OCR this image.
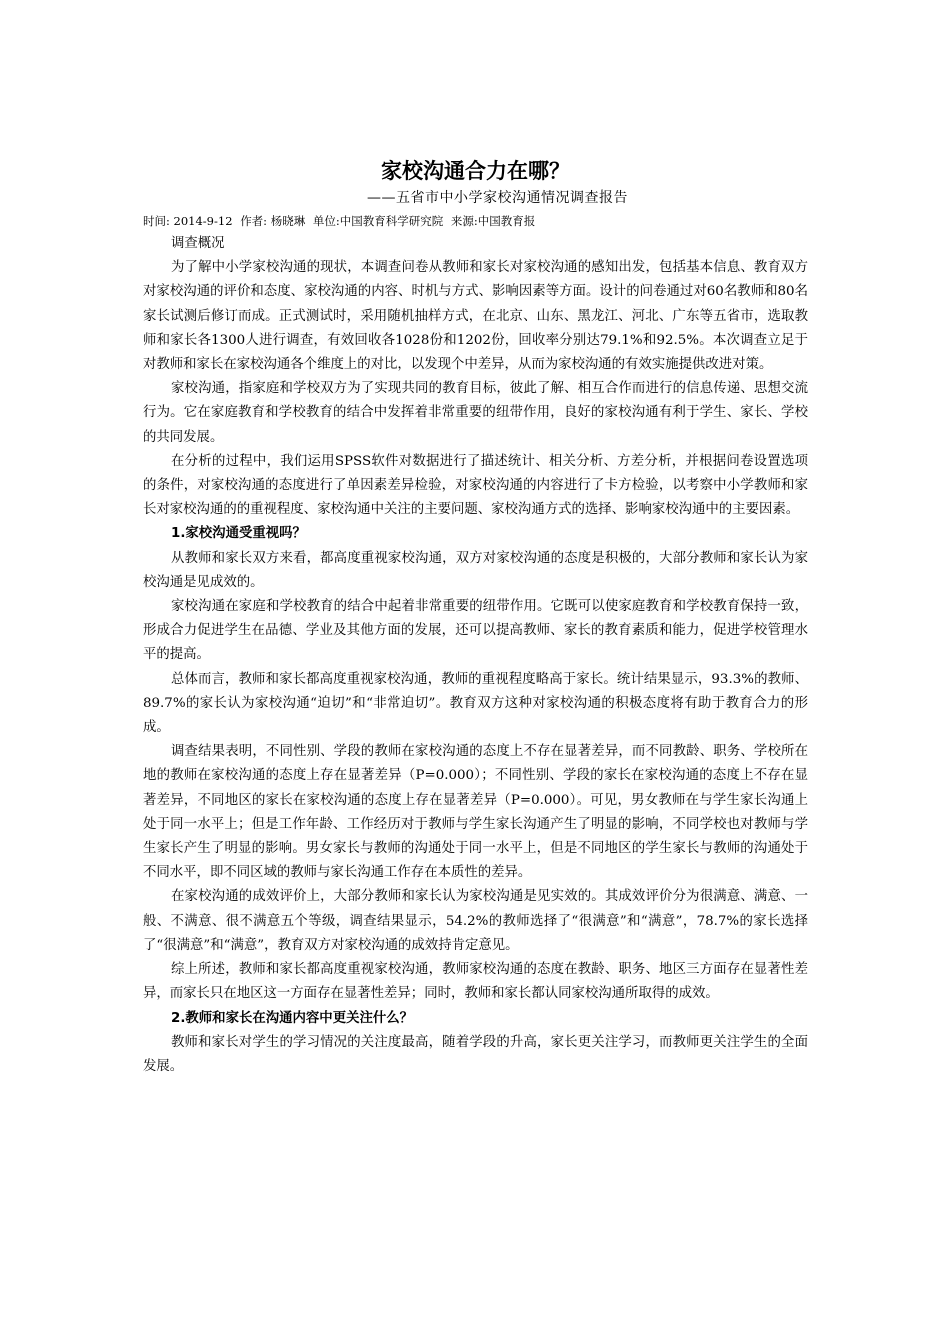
家校沟通合力在哪？
——五省市中小学家校沟通情况调查报告
时间: 2014-9-12 作者: 杨晓琳 单位:中国教育科学研究院 来源:中国教育报

调查概况

为了解中小学家校沟通的现状，本调查问卷从教师和家长对家校沟通的感知出发，包括基本信息、教育双方对家校沟通的评价和态度、家校沟通的内容、时机与方式、影响因素等方面。设计的问卷通过对60名教师和80名家长试测后修订而成。正式测试时，采用随机抽样方式，在北京、山东、黑龙江、河北、广东等五省市，选取教师和家长各1300人进行调查，有效回收各1028份和1202份，回收率分别达79.1%和92.5%。本次调查立足于对教师和家长在家校沟通各个维度上的对比，以发现个中差异，从而为家校沟通的有效实施提供改进对策。

家校沟通，指家庭和学校双方为了实现共同的教育目标，彼此了解、相互合作而进行的信息传递、思想交流行为。它在家庭教育和学校教育的结合中发挥着非常重要的纽带作用，良好的家校沟通有利于学生、家长、学校的共同发展。

在分析的过程中，我们运用SPSS软件对数据进行了描述统计、相关分析、方差分析，并根据问卷设置选项的条件，对家校沟通的态度进行了单因素差异检验，对家校沟通的内容进行了卡方检验，以考察中小学教师和家长对家校沟通的的重视程度、家校沟通中关注的主要问题、家校沟通方式的选择、影响家校沟通中的主要因素。

1.家校沟通受重视吗？

从教师和家长双方来看，都高度重视家校沟通，双方对家校沟通的态度是积极的，大部分教师和家长认为家校沟通是见成效的。

家校沟通在家庭和学校教育的结合中起着非常重要的纽带作用。它既可以使家庭教育和学校教育保持一致，形成合力促进学生在品德、学业及其他方面的发展，还可以提高教师、家长的教育素质和能力，促进学校管理水平的提高。

总体而言，教师和家长都高度重视家校沟通，教师的重视程度略高于家长。统计结果显示，93.3%的教师、89.7%的家长认为家校沟通“迫切”和“非常迫切”。教育双方这种对家校沟通的积极态度将有助于教育合力的形成。

调查结果表明，不同性别、学段的教师在家校沟通的态度上不存在显著差异，而不同教龄、职务、学校所在地的教师在家校沟通的态度上存在显著差异（P=0.000）；不同性别、学段的家长在家校沟通的态度上不存在显著差异，不同地区的家长在家校沟通的态度上存在显著差异（P=0.000）。可见，男女教师在与学生家长沟通上处于同一水平上；但是工作年龄、工作经历对于教师与学生家长沟通产生了明显的影响，不同学校也对教师与学生家长产生了明显的影响。男女家长与教师的沟通处于同一水平上，但是不同地区的学生家长与教师的沟通处于不同水平，即不同区域的教师与家长沟通工作存在本质性的差异。

在家校沟通的成效评价上，大部分教师和家长认为家校沟通是见实效的。其成效评价分为很满意、满意、一般、不满意、很不满意五个等级，调查结果显示，54.2%的教师选择了“很满意”和“满意”，78.7%的家长选择了“很满意”和“满意”，教育双方对家校沟通的成效持肯定意见。

综上所述，教师和家长都高度重视家校沟通，教师家校沟通的态度在教龄、职务、地区三方面存在显著性差异，而家长只在地区这一方面存在显著性差异；同时，教师和家长都认同家校沟通所取得的成效。

2.教师和家长在沟通内容中更关注什么？

教师和家长对学生的学习情况的关注度最高，随着学段的升高，家长更关注学习，而教师更关注学生的全面发展。
